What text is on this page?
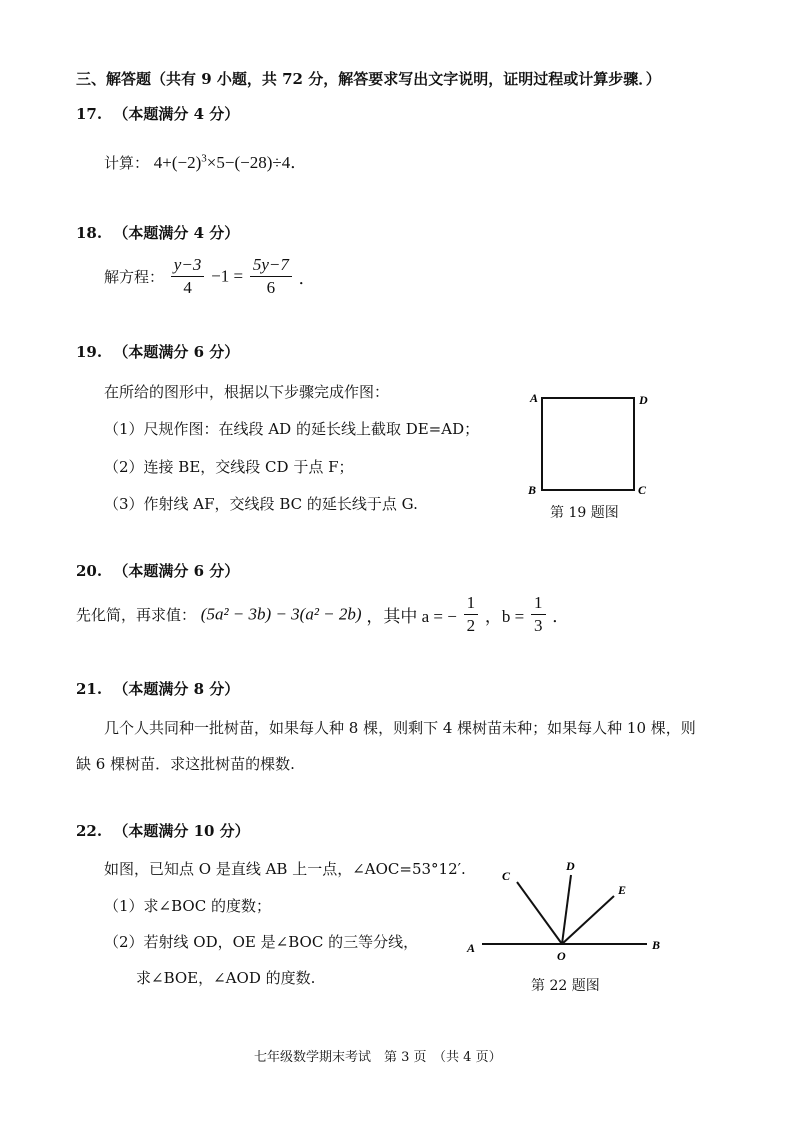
三、解答题（共有 9 小题，共 72 分，解答要求写出文字说明，证明过程或计算步骤．）
17. （本题满分 4 分）
计算： $4+(-2)^3\times 5-(-28)\div 4$．
18. （本题满分 4 分）
解方程： $\frac{y-3}{4} -1 = \frac{5y-7}{6}$ ．
19. （本题满分 6 分）
在所给的图形中，根据以下步骤完成作图：
（1）尺规作图：在线段 AD 的延长线上截取 DE=AD；
（2）连接 BE，交线段 CD 于点 F；
（3）作射线 AF，交线段 BC 的延长线于点 G.
A	D
B	C
第 19 题图
20. （本题满分 6 分）
先化简，再求值： (5a² − 3b) − 3(a² − 2b) ，其中 a = − $\frac{1}{2}$ ，$b = \frac{1}{3}$ ．
21. （本题满分 8 分）
几个人共同种一批树苗，如果每人种 8 棵，则剩下 4 棵树苗未种；如果每人种 10 棵，则
缺 6 棵树苗．求这批树苗的棵数.
22. （本题满分 10 分）
如图，已知点 O 是直线 AB 上一点，∠AOC=53°12′.
（1）求∠BOC 的度数；
（2）若射线 OD，OE 是∠BOC 的三等分线，
求∠BOE，∠AOD 的度数.
A	B
C
D
E
O
第 22 题图
七年级数学期末考试　第 3 页　（共 4 页）
